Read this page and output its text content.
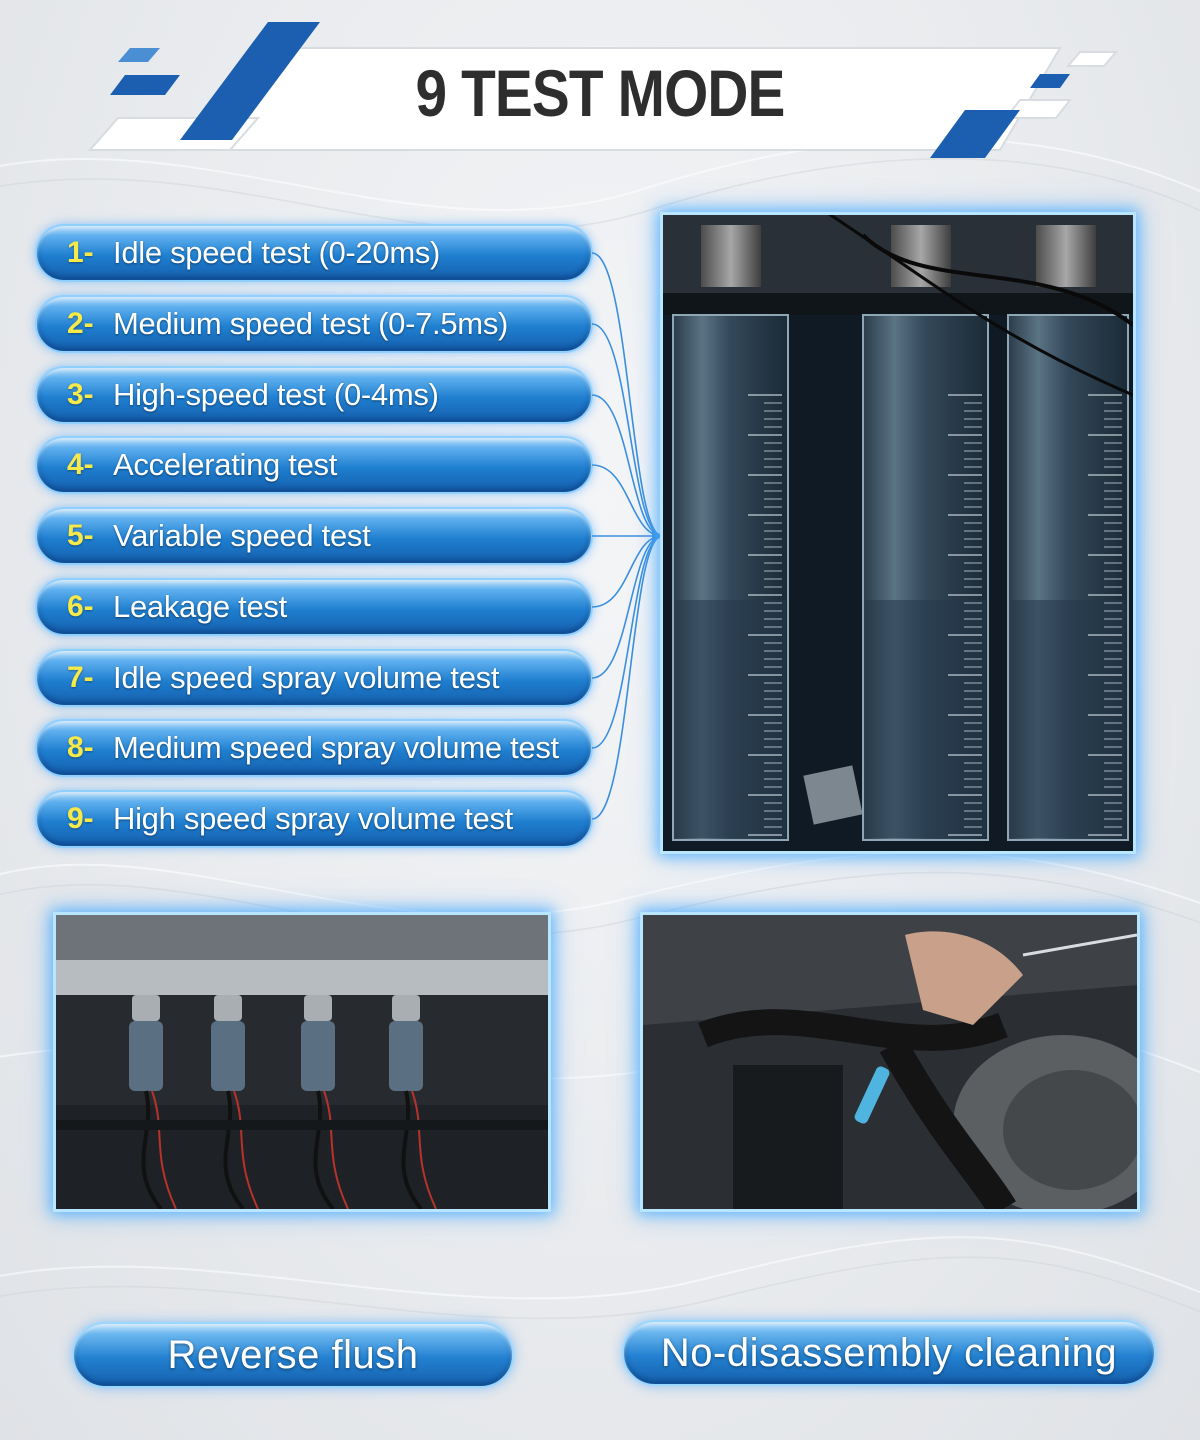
9 TEST MODE
1- Idle speed test (0-20ms)
2- Medium speed test (0-7.5ms)
3- High-speed test (0-4ms)
4- Accelerating test
5- Variable speed test
6- Leakage test
7- Idle speed spray volume test
8- Medium speed spray volume test
9- High speed spray volume test
Reverse flush	No-disassembly cleaning
